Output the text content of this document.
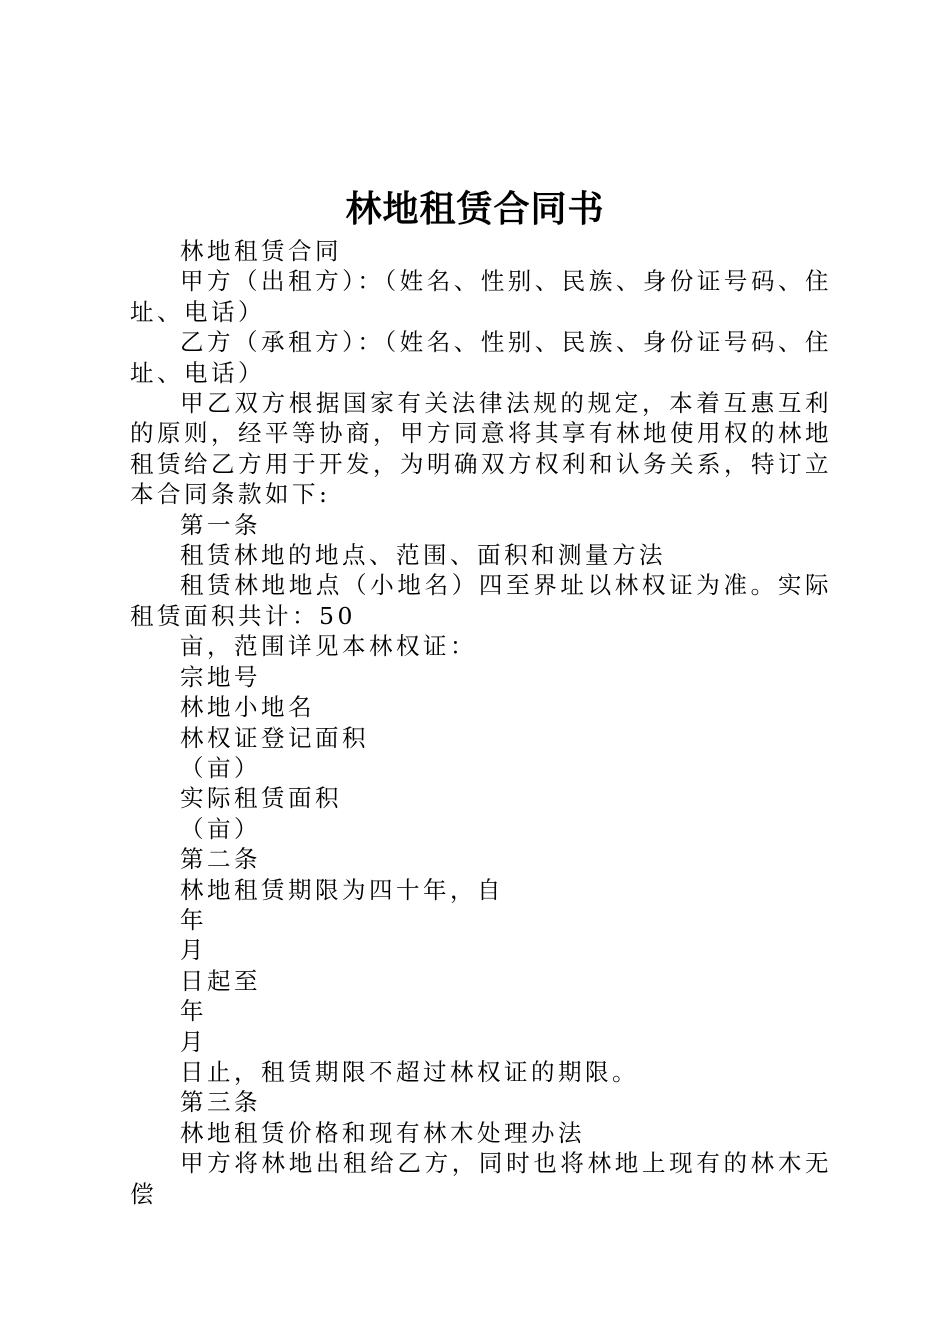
林地租赁合同书

林地租赁合同

甲方（出租方）：（姓名、性别、民族、身份证号码、住址、电话）

乙方（承租方）：（姓名、性别、民族、身份证号码、住址、电话）

甲乙双方根据国家有关法律法规的规定，本着互惠互利的原则，经平等协商，甲方同意将其享有林地使用权的林地租赁给乙方用于开发，为明确双方权利和认务关系，特订立本合同条款如下:

第一条

租赁林地的地点、范围、面积和测量方法

租赁林地地点（小地名）四至界址以林权证为准。实际租赁面积共计：50

亩，范围详见本林权证：

宗地号

林地小地名

林权证登记面积

（亩）

实际租赁面积

（亩）

第二条

林地租赁期限为四十年，自

年

月

日起至

年

月

日止，租赁期限不超过林权证的期限。

第三条

林地租赁价格和现有林木处理办法

甲方将林地出租给乙方，同时也将林地上现有的林木无偿
